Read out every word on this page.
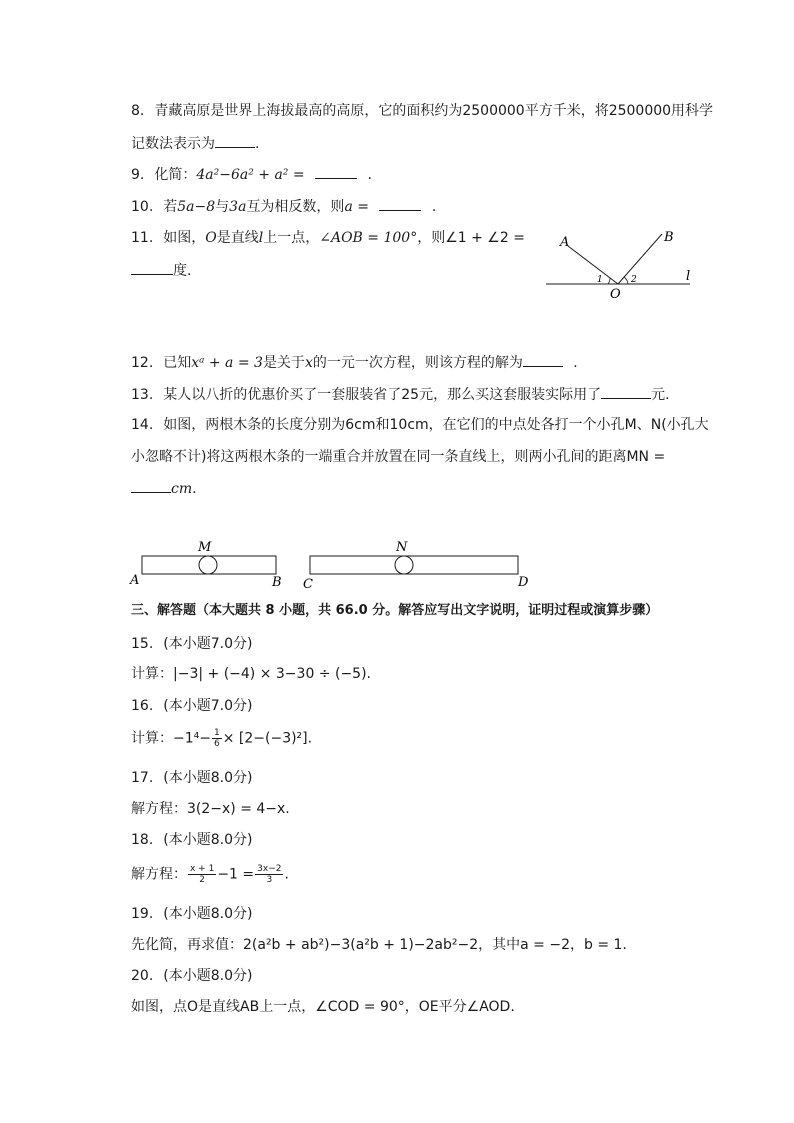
8. 青藏高原是世界上海拔最高的高原，它的面积约为2500000平方千米，将2500000用科学
记数法表示为	.
9. 化简：4a²−6a² + a² =	.
10. 若5a−8与3a互为相反数，则a =	.
11. 如图，O是直线l上一点，∠AOB = 100°，则∠1 + ∠2 =
度.
A	B
O
l
1	2
12. 已知xᵃ + a = 3是关于x的一元一次方程，则该方程的解为	.
13. 某人以八折的优惠价买了一套服装省了25元，那么买这套服装实际用了	元.
14. 如图，两根木条的长度分别为6cm和10cm，在它们的中点处各打一个小孔M、N(小孔大
小忽略不计)将这两根木条的一端重合并放置在同一条直线上，则两小孔间的距离MN =
cm.
M	N
A	B C	D
三、解答题（本大题共 8 小题，共 66.0 分。解答应写出文字说明，证明过程或演算步骤）
15. (本小题7.0分)
计算：|−3| + (−4) × 3−30 ÷ (−5).
16. (本小题7.0分)
计算：$-1^4- \frac{1}{6} \times [2-(-3)^2]$.
17. (本小题8.0分)
解方程：3(2−x) = 4−x.
18. (本小题8.0分)
解方程： $\frac{x + 1}{2} -1 = \frac{3x-2}{3}$ .
19. (本小题8.0分)
先化简，再求值：2(a²b + ab²)−3(a²b + 1)−2ab²−2，其中a = −2，b = 1.
20. (本小题8.0分)
如图，点O是直线AB上一点，∠COD = 90°，OE平分∠AOD.
